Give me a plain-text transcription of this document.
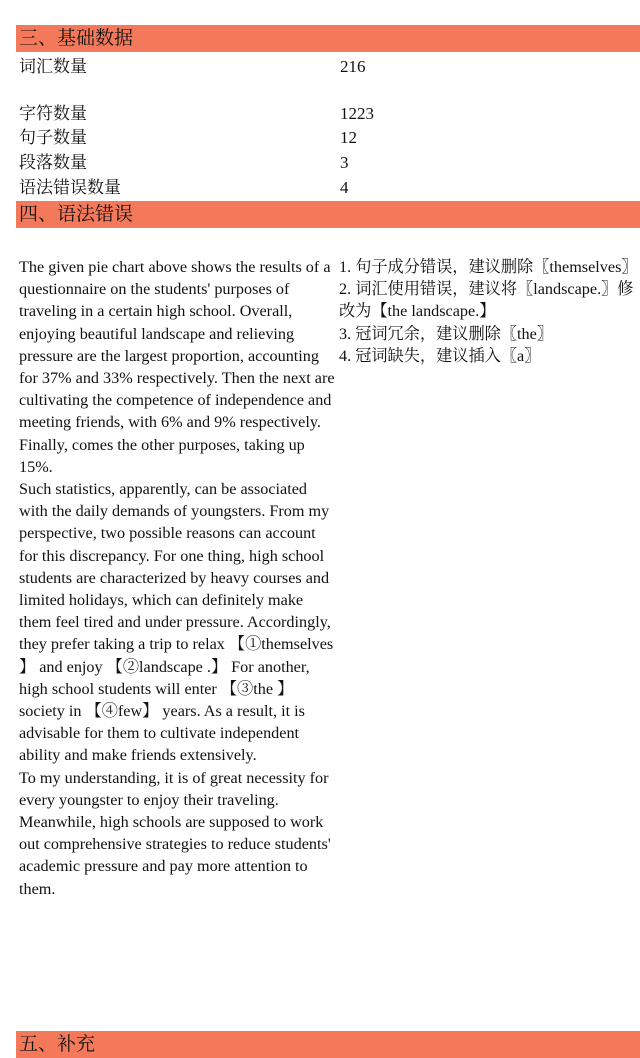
三、基础数据
词汇数量	216
字符数量	1223
句子数量	12
段落数量	3
语法错误数量	4
四、语法错误

The given pie chart above shows the results of a questionnaire on the students' purposes of traveling in a certain high school. Overall, enjoying beautiful landscape and relieving pressure are the largest proportion, accounting for 37% and 33% respectively. Then the next are cultivating the competence of independence and meeting friends, with 6% and 9% respectively. Finally, comes the other purposes, taking up 15%.

Such statistics, apparently, can be associated with the daily demands of youngsters. From my perspective, two possible reasons can account for this discrepancy. For one thing, high school students are characterized by heavy courses and limited holidays, which can definitely make them feel tired and under pressure. Accordingly, they prefer taking a trip to relax 【①themselves 】 and enjoy 【②landscape .】 For another, high school students will enter 【③the 】 society in 【④few】 years. As a result, it is advisable for them to cultivate independent ability and make friends extensively.

To my understanding, it is of great necessity for every youngster to enjoy their traveling. Meanwhile, high schools are supposed to work out comprehensive strategies to reduce students' academic pressure and pay more attention to them.

1. 句子成分错误，建议删除〖themselves〗
2. 词汇使用错误，建议将〖landscape.〗修改为【the landscape.】
3. 冠词冗余，建议删除〖the〗
4. 冠词缺失，建议插入〖a〗
五、补充
